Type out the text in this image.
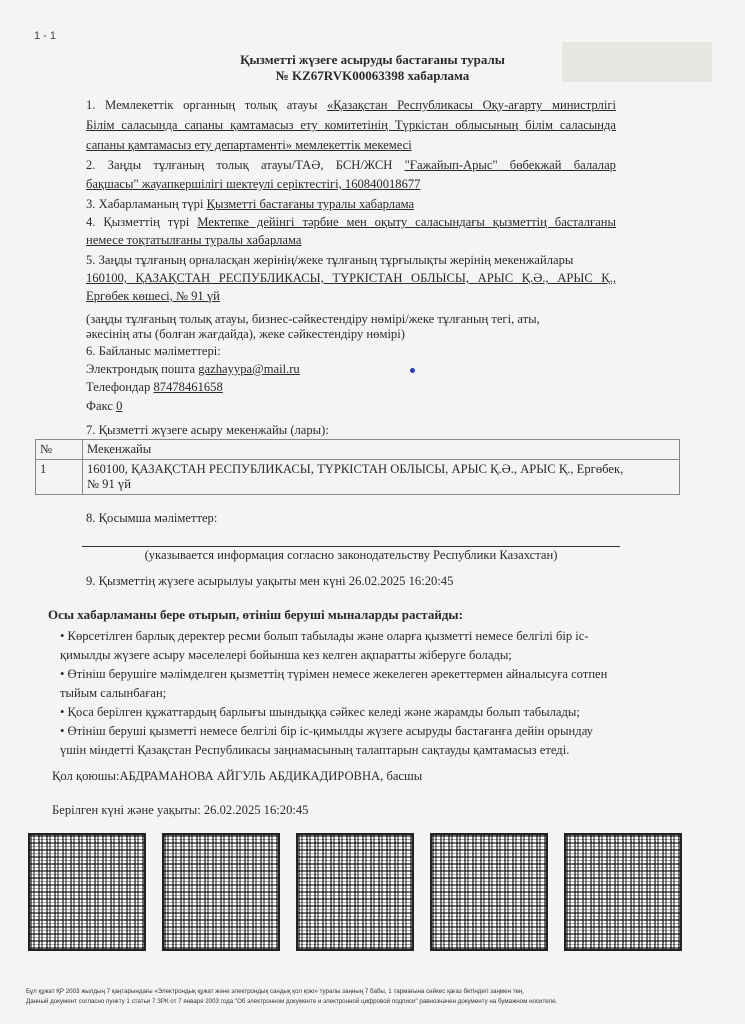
1 - 1
Қызметті жүзеге асыруды бастағаны туралы
№ KZ67RVK00063398 хабарлама
1. Мемлекеттік органның толық атауы «Қазақстан Республикасы Оқу-ағарту министрлігі
Білім саласында сапаны қамтамасыз ету комитетінің Түркістан облысының білім саласында
сапаны қамтамасыз ету департаменті» мемлекеттік мекемесі
2. Заңды тұлғаның толық атауы/ТАӘ, БСН/ЖСН "Ғажайып-Арыс" бөбекжай балалар
бақшасы" жауапкершілігі шектеулі серіктестігі, 160840018677
3. Хабарламаның түрі Қызметті бастағаны туралы хабарлама
4. Қызметтің түрі Мектепке дейінгі тәрбие мен оқыту саласындағы қызметтің басталғаны
немесе тоқтатылғаны туралы хабарлама
5. Заңды тұлғаның орналасқан жерінің/жеке тұлғаның тұрғылықты жерінің мекенжайлары
160100, ҚАЗАҚСТАН РЕСПУБЛИКАСЫ, ТҮРКІСТАН ОБЛЫСЫ, АРЫС Қ.Ә., АРЫС Қ.,
Ергөбек көшесі, № 91 үй
(заңды тұлғаның толық атауы, бизнес-сәйкестендіру нөмірі/жеке тұлғаның тегі, аты,
әкесінің аты (болған жағдайда), жеке сәйкестендіру нөмірі)
6. Байланыс мәліметтері:
Электрондық пошта gazhayypa@mail.ru
Телефондар 87478461658
Факс 0
7. Қызметті жүзеге асыру мекенжайы (лары):
№	Мекенжайы
1	160100, ҚАЗАҚСТАН РЕСПУБЛИКАСЫ, ТҮРКІСТАН ОБЛЫСЫ, АРЫС Қ.Ә., АРЫС Қ., Ергөбек,
№ 91 үй
8. Қосымша мәліметтер:
(указывается информация согласно законодательству Республики Казахстан)
9. Қызметтің жүзеге асырылуы уақыты мен күні 26.02.2025 16:20:45
Осы хабарламаны бере отырып, өтініш беруші мыналарды растайды:
• Көрсетілген барлық деректер ресми болып табылады және оларға қызметті немесе белгілі бір іс-
қимылды жүзеге асыру мәселелері бойынша кез келген ақпаратты жіберуге болады;
• Өтініш берушіге мәлімделген қызметтің түрімен немесе жекелеген әрекеттермен айналысуға сотпен
тыйым салынбаған;
• Қоса берілген құжаттардың барлығы шындыққа сәйкес келеді және жарамды болып табылады;
• Өтініш беруші қызметті немесе белгілі бір іс-қимылды жүзеге асыруды бастағанға дейін орындау
үшін міндетті Қазақстан Республикасы заңнамасының талаптарын сақтауды қамтамасыз етеді.
Қол қоюшы:АБДРАМАНОВА АЙГУЛЬ АБДИКАДИРОВНА, басшы
Берілген күні және уақыты: 26.02.2025 16:20:45
Бұл құжат ҚР 2003 жылдың 7 қаңтарындағы «Электрондық құжат және электрондық сандық қол қою» туралы заңның 7 бабы, 1 тармағына сәйкес қағаз бетіндегі заңмен тең.
Данный документ согласно пункту 1 статьи 7 ЗРК от 7 января 2003 года "Об электронном документе и электронной цифровой подписи" равнозначен документу на бумажном носителе.
